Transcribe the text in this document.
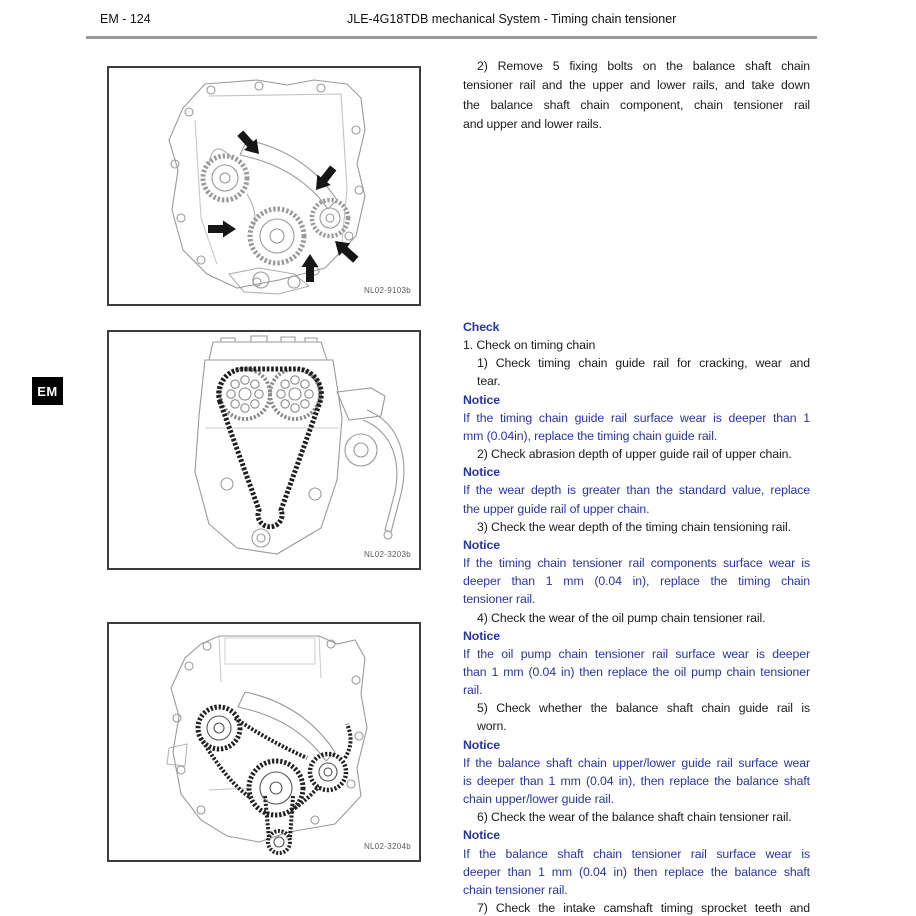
EM - 124	JLE-4G18TDB mechanical System - Timing chain tensioner
EM
NL02-9103b
NL02-3203b
NL02-3204b
2) Remove 5 fixing bolts on the balance shaft chain
tensioner rail and the upper and lower rails, and take down
the balance shaft chain component, chain tensioner rail
and upper and lower rails.
Check
1. Check on timing chain
1) Check timing chain guide rail for cracking, wear and
tear.
Notice
If the timing chain guide rail surface wear is deeper than 1
mm (0.04in), replace the timing chain guide rail.
2) Check abrasion depth of upper guide rail of upper chain.
Notice
If the wear depth is greater than the standard value, replace
the upper guide rail of upper chain.
3) Check the wear depth of the timing chain tensioning rail.
Notice
If the timing chain tensioner rail components surface wear is
deeper than 1 mm (0.04 in), replace the timing chain
tensioner rail.
4) Check the wear of the oil pump chain tensioner rail.
Notice
If the oil pump chain tensioner rail surface wear is deeper
than 1 mm (0.04 in) then replace the oil pump chain tensioner
rail.
5) Check whether the balance shaft chain guide rail is
worn.
Notice
If the balance shaft chain upper/lower guide rail surface wear
is deeper than 1 mm (0.04 in), then replace the balance shaft
chain upper/lower guide rail.
6) Check the wear of the balance shaft chain tensioner rail.
Notice
If the balance shaft chain tensioner rail surface wear is
deeper than 1 mm (0.04 in) then replace the balance shaft
chain tensioner rail.
7) Check the intake camshaft timing sprocket teeth and
